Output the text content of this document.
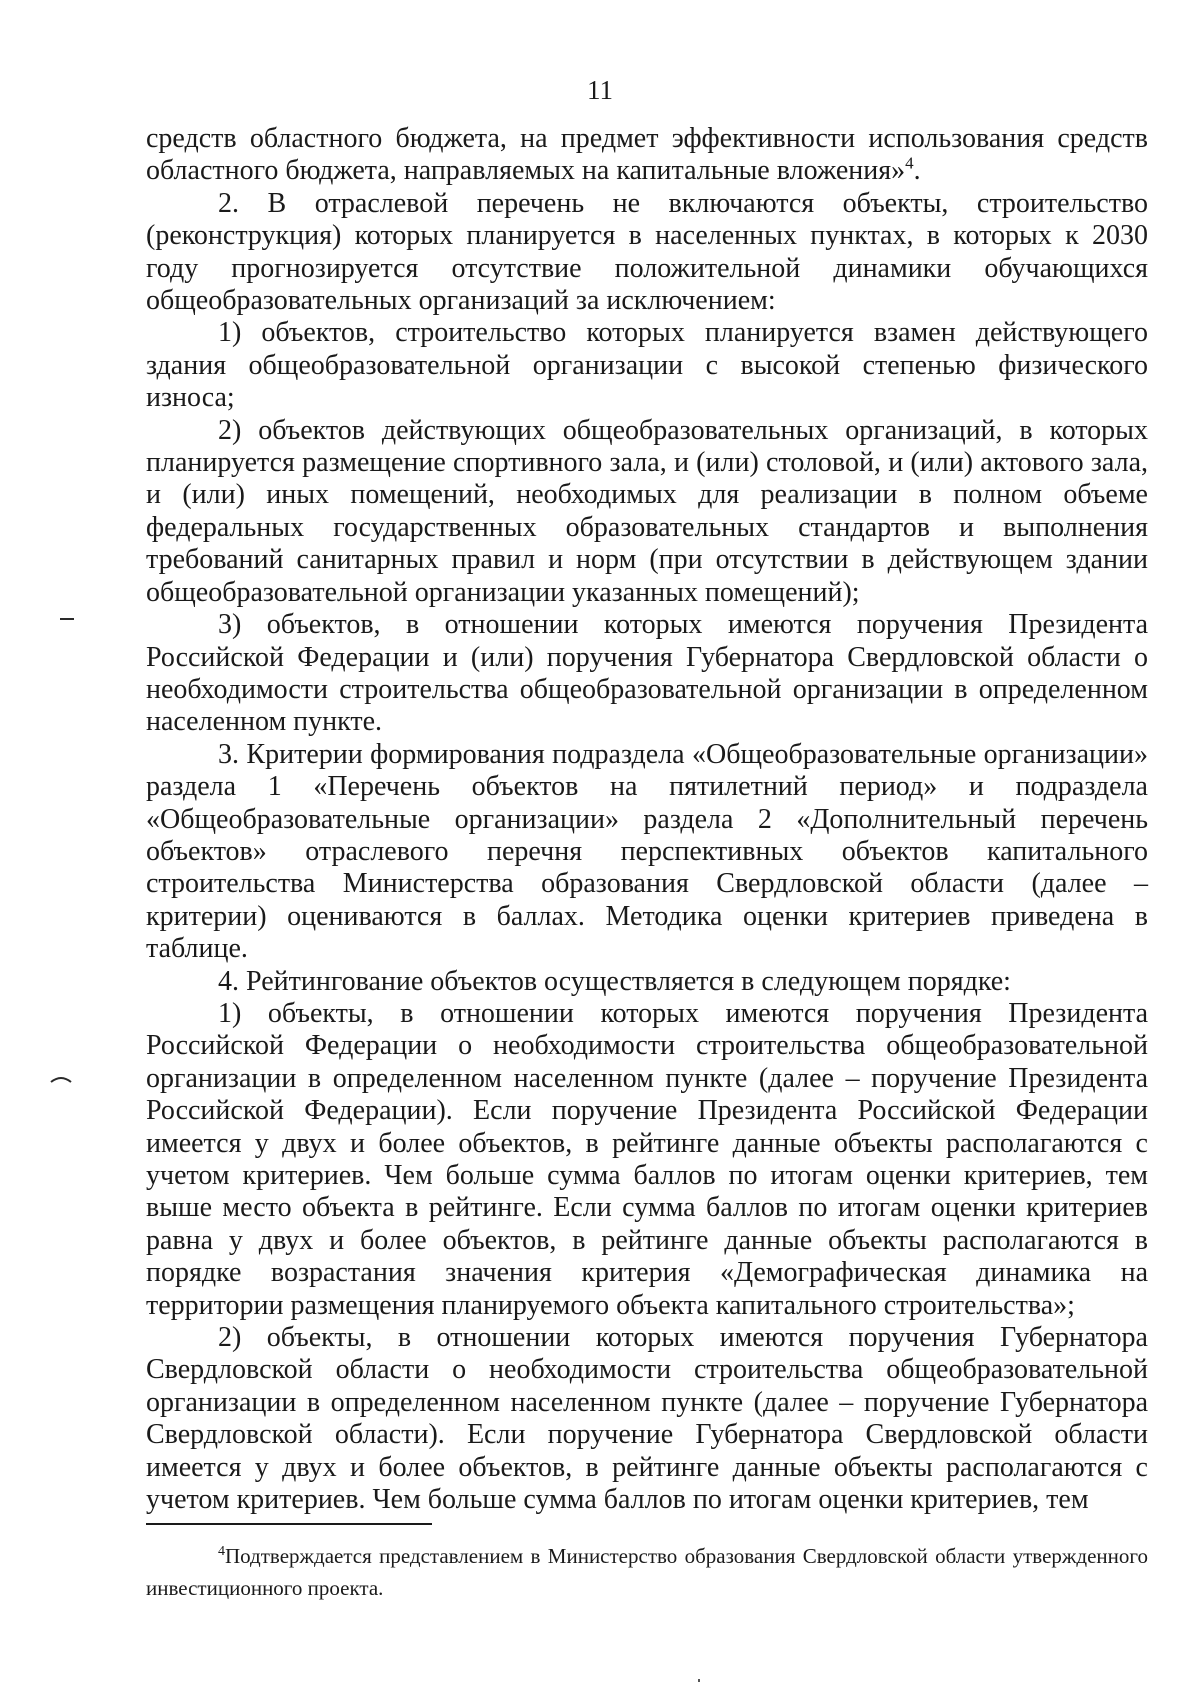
11

средств областного бюджета, на предмет эффективности использования средств областного бюджета, направляемых на капитальные вложения»$^4$.

2. В отраслевой перечень не включаются объекты, строительство (реконструкция) которых планируется в населенных пунктах, в которых к 2030 году прогнозируется отсутствие положительной динамики обучающихся общеобразовательных организаций за исключением:

1) объектов, строительство которых планируется взамен действующего здания общеобразовательной организации с высокой степенью физического износа;

2) объектов действующих общеобразовательных организаций, в которых планируется размещение спортивного зала, и (или) столовой, и (или) актового зала, и (или) иных помещений, необходимых для реализации в полном объеме федеральных государственных образовательных стандартов и выполнения требований санитарных правил и норм (при отсутствии в действующем здании общеобразовательной организации указанных помещений);

3) объектов, в отношении которых имеются поручения Президента Российской Федерации и (или) поручения Губернатора Свердловской области о необходимости строительства общеобразовательной организации в определенном населенном пункте.

3. Критерии формирования подраздела «Общеобразовательные организации» раздела 1 «Перечень объектов на пятилетний период» и подраздела «Общеобразовательные организации» раздела 2 «Дополнительный перечень объектов» отраслевого перечня перспективных объектов капитального строительства Министерства образования Свердловской области (далее – критерии) оцениваются в баллах. Методика оценки критериев приведена в таблице.

4. Рейтингование объектов осуществляется в следующем порядке:

1) объекты, в отношении которых имеются поручения Президента Российской Федерации о необходимости строительства общеобразовательной организации в определенном населенном пункте (далее – поручение Президента Российской Федерации). Если поручение Президента Российской Федерации имеется у двух и более объектов, в рейтинге данные объекты располагаются с учетом критериев. Чем больше сумма баллов по итогам оценки критериев, тем выше место объекта в рейтинге. Если сумма баллов по итогам оценки критериев равна у двух и более объектов, в рейтинге данные объекты располагаются в порядке возрастания значения критерия «Демографическая динамика на территории размещения планируемого объекта капитального строительства»;

2) объекты, в отношении которых имеются поручения Губернатора Свердловской области о необходимости строительства общеобразовательной организации в определенном населенном пункте (далее – поручение Губернатора Свердловской области). Если поручение Губернатора Свердловской области имеется у двух и более объектов, в рейтинге данные объекты располагаются с учетом критериев. Чем больше сумма баллов по итогам оценки критериев, тем

$^4$Подтверждается представлением в Министерство образования Свердловской области утвержденного инвестиционного проекта.
